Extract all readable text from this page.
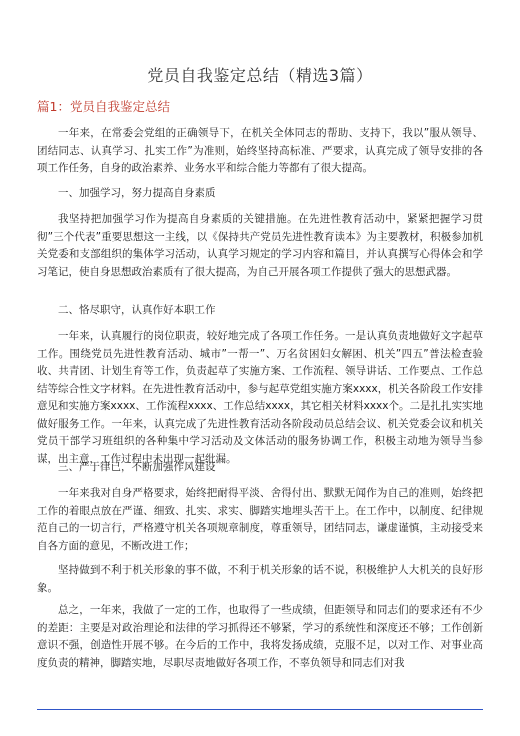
党员自我鉴定总结（精选3篇）
篇1：党员自我鉴定总结
一年来，在常委会党组的正确领导下，在机关全体同志的帮助、支持下，我以”服从领导、团结同志、认真学习、扎实工作”为准则，始终坚持高标准、严要求，认真完成了领导安排的各项工作任务，自身的政治素养、业务水平和综合能力等都有了很大提高。
一、加强学习，努力提高自身素质
我坚持把加强学习作为提高自身素质的关键措施。在先进性教育活动中，紧紧把握学习贯彻”三个代表”重要思想这一主线，以《保持共产党员先进性教育读本》为主要教材，积极参加机关党委和支部组织的集体学习活动，认真学习规定的学习内容和篇目，并认真撰写心得体会和学习笔记，使自身思想政治素质有了很大提高，为自己开展各项工作提供了强大的思想武器。
二、恪尽职守，认真作好本职工作
一年来，认真履行的岗位职责，较好地完成了各项工作任务。一是认真负责地做好文字起草工作。围绕党员先进性教育活动、城市”一帮一”、万名贫困妇女解困、机关”四五”普法检查验收、共青团、计划生育等工作，负责起草了实施方案、工作流程、领导讲话、工作要点、工作总结等综合性文字材料。在先进性教育活动中，参与起草党组实施方案xxxx，机关各阶段工作安排意见和实施方案xxxx、工作流程xxxx、工作总结xxxx，其它相关材料xxxx个。二是扎扎实实地做好服务工作。一年来，认真完成了先进性教育活动各阶段动员总结会议、机关党委会议和机关党员干部学习班组织的各种集中学习活动及文体活动的服务协调工作，积极主动地为领导当参谋，出主意，工作过程中未出现一起纰漏。
三、严于律已，不断加强作风建设
一年来我对自身严格要求，始终把耐得平淡、舍得付出、默默无闻作为自己的准则，始终把工作的着眼点放在严谨、细致、扎实、求实、脚踏实地埋头苦干上。在工作中，以制度、纪律规范自己的一切言行，严格遵守机关各项规章制度，尊重领导，团结同志，谦虚谨慎，主动接受来自各方面的意见，不断改进工作；
坚持做到不利于机关形象的事不做，不利于机关形象的话不说，积极维护人大机关的良好形象。
总之，一年来，我做了一定的工作，也取得了一些成绩，但距领导和同志们的要求还有不少的差距：主要是对政治理论和法律的学习抓得还不够紧，学习的系统性和深度还不够；工作创新意识不强，创造性开展不够。在今后的工作中，我将发扬成绩，克服不足，以对工作、对事业高度负责的精神，脚踏实地，尽职尽责地做好各项工作，不辜负领导和同志们对我
